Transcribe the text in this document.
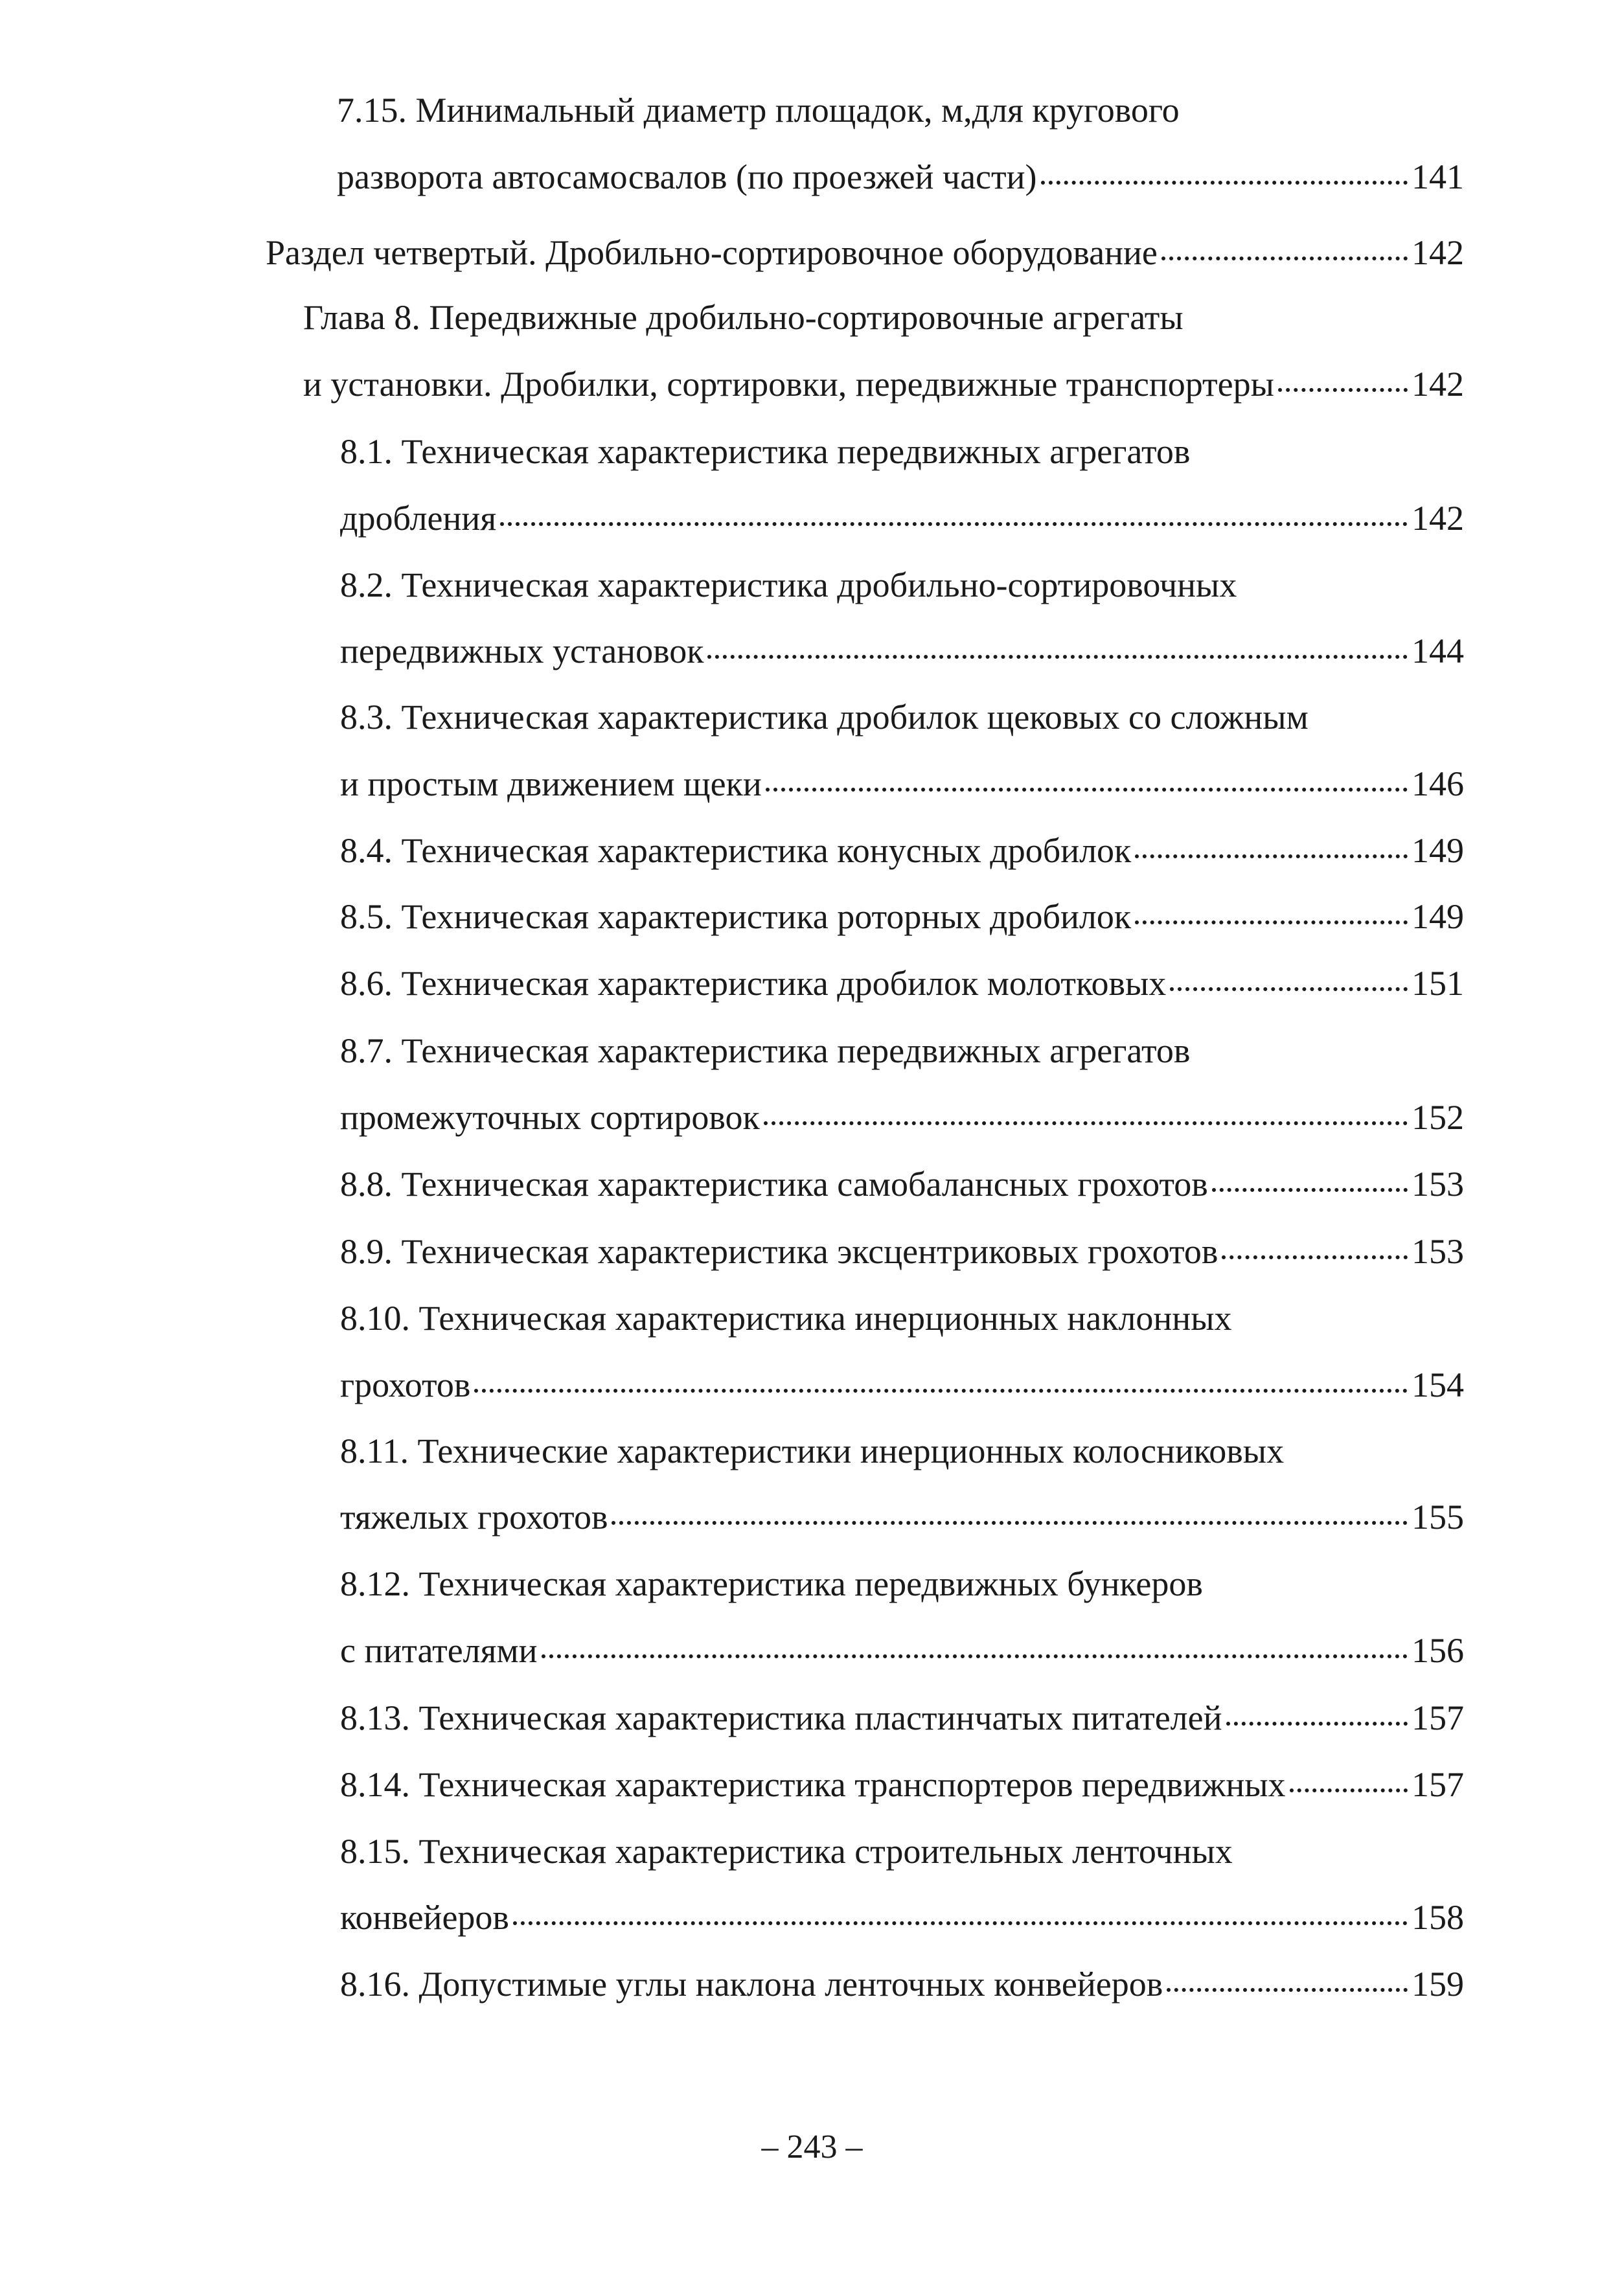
7.15. Минимальный диаметр площадок, м,для кругового
разворота автосамосвалов (по проезжей части)	141
Раздел четвертый. Дробильно-сортировочное оборудование	142
Глава 8. Передвижные дробильно-сортировочные агрегаты
и установки. Дробилки, сортировки, передвижные транспортеры	142
8.1. Техническая характеристика передвижных агрегатов
дробления	142
8.2. Техническая характеристика дробильно-сортировочных
передвижных установок	144
8.3. Техническая характеристика дробилок щековых со сложным
и простым движением щеки	146
8.4. Техническая характеристика конусных дробилок	149
8.5. Техническая характеристика роторных дробилок	149
8.6. Техническая характеристика дробилок молотковых	151
8.7. Техническая характеристика передвижных агрегатов
промежуточных сортировок	152
8.8. Техническая характеристика самобалансных грохотов	153
8.9. Техническая характеристика эксцентриковых грохотов	153
8.10. Техническая характеристика инерционных наклонных
грохотов	154
8.11. Технические характеристики инерционных колосниковых
тяжелых грохотов	155
8.12. Техническая характеристика передвижных бункеров
с питателями	156
8.13. Техническая характеристика пластинчатых питателей	157
8.14. Техническая характеристика транспортеров передвижных	157
8.15. Техническая характеристика строительных ленточных
конвейеров	158
8.16. Допустимые углы наклона ленточных конвейеров	159
– 243 –
